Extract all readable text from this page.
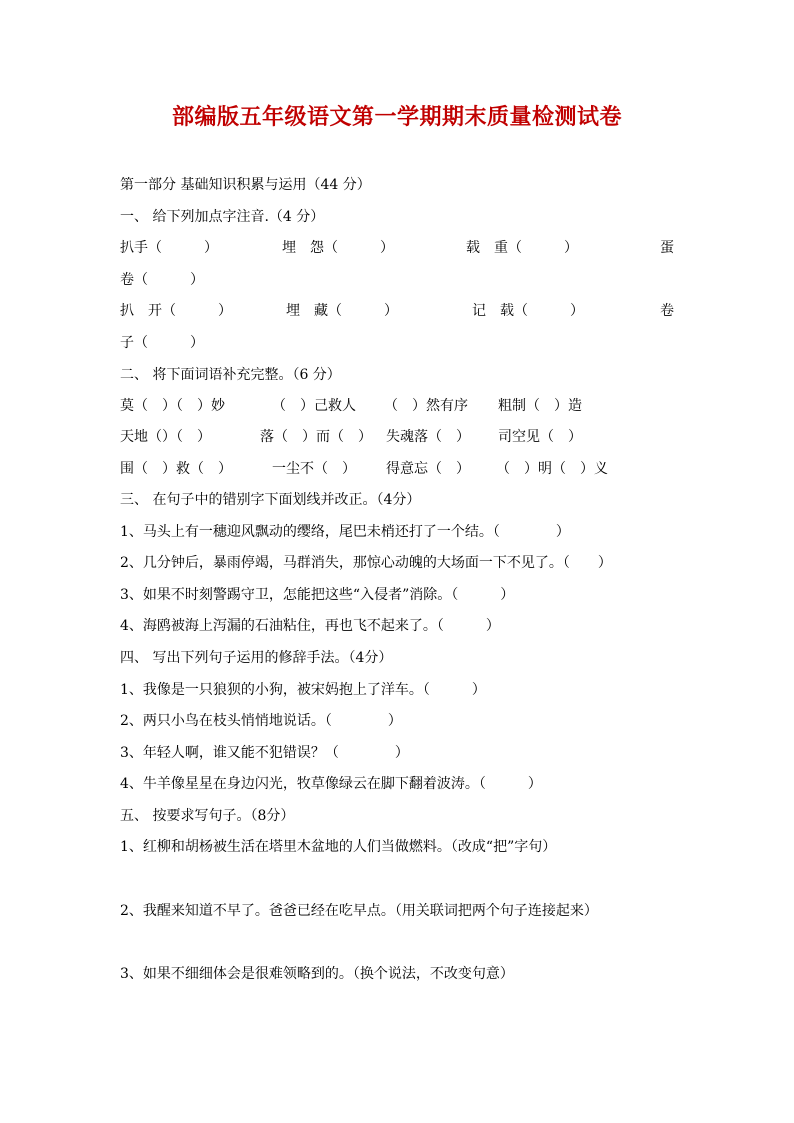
部编版五年级语文第一学期期末质量检测试卷
第一部分 基础知识积累与运用（44 分）
一、 给下列加点字注音.（4 分）
扒手（　　　）	埋　怨（　　　）	载　重（　　　）	蛋
卷（　　　）
扒　开（　　　）	埋　藏（　　　）	记　载（　　　）	卷
子（　　　）
二、 将下面词语补充完整。（6 分）
莫（　）（　）妙	（　）己救人 （　）然有序 粗制（　）造
天地（）（　）	落（　）而（　） 失魂落（　） 司空见（　）
围（　）救（　）	一尘不（　） 得意忘（　） （　）明（　）义
三、 在句子中的错别字下面划线并改正。（4分）
1、马头上有一穗迎风飘动的缨络，尾巴未梢还打了一个结。（　　　　）
2、几分钟后，暴雨停竭，马群消失，那惊心动魄的大场面一下不见了。（　　）
3、如果不时刻警踢守卫，怎能把这些“入侵者”消除。（　　　）
4、海鸥被海上泻漏的石油粘住，再也飞不起来了。（　　　）
四、 写出下列句子运用的修辞手法。（4分）
1、我像是一只狼狈的小狗，被宋妈抱上了洋车。（　　　）
2、两只小鸟在枝头悄悄地说话。（　　　　）
3、年轻人啊，谁又能不犯错误？（　　　　）
4、牛羊像星星在身边闪光，牧草像绿云在脚下翻着波涛。（　　　）
五、 按要求写句子。（8分）
1、红柳和胡杨被生活在塔里木盆地的人们当做燃料。（改成“把”字句）
2、我醒来知道不早了。爸爸已经在吃早点。（用关联词把两个句子连接起来）
3、如果不细细体会是很难领略到的。（换个说法，不改变句意）
